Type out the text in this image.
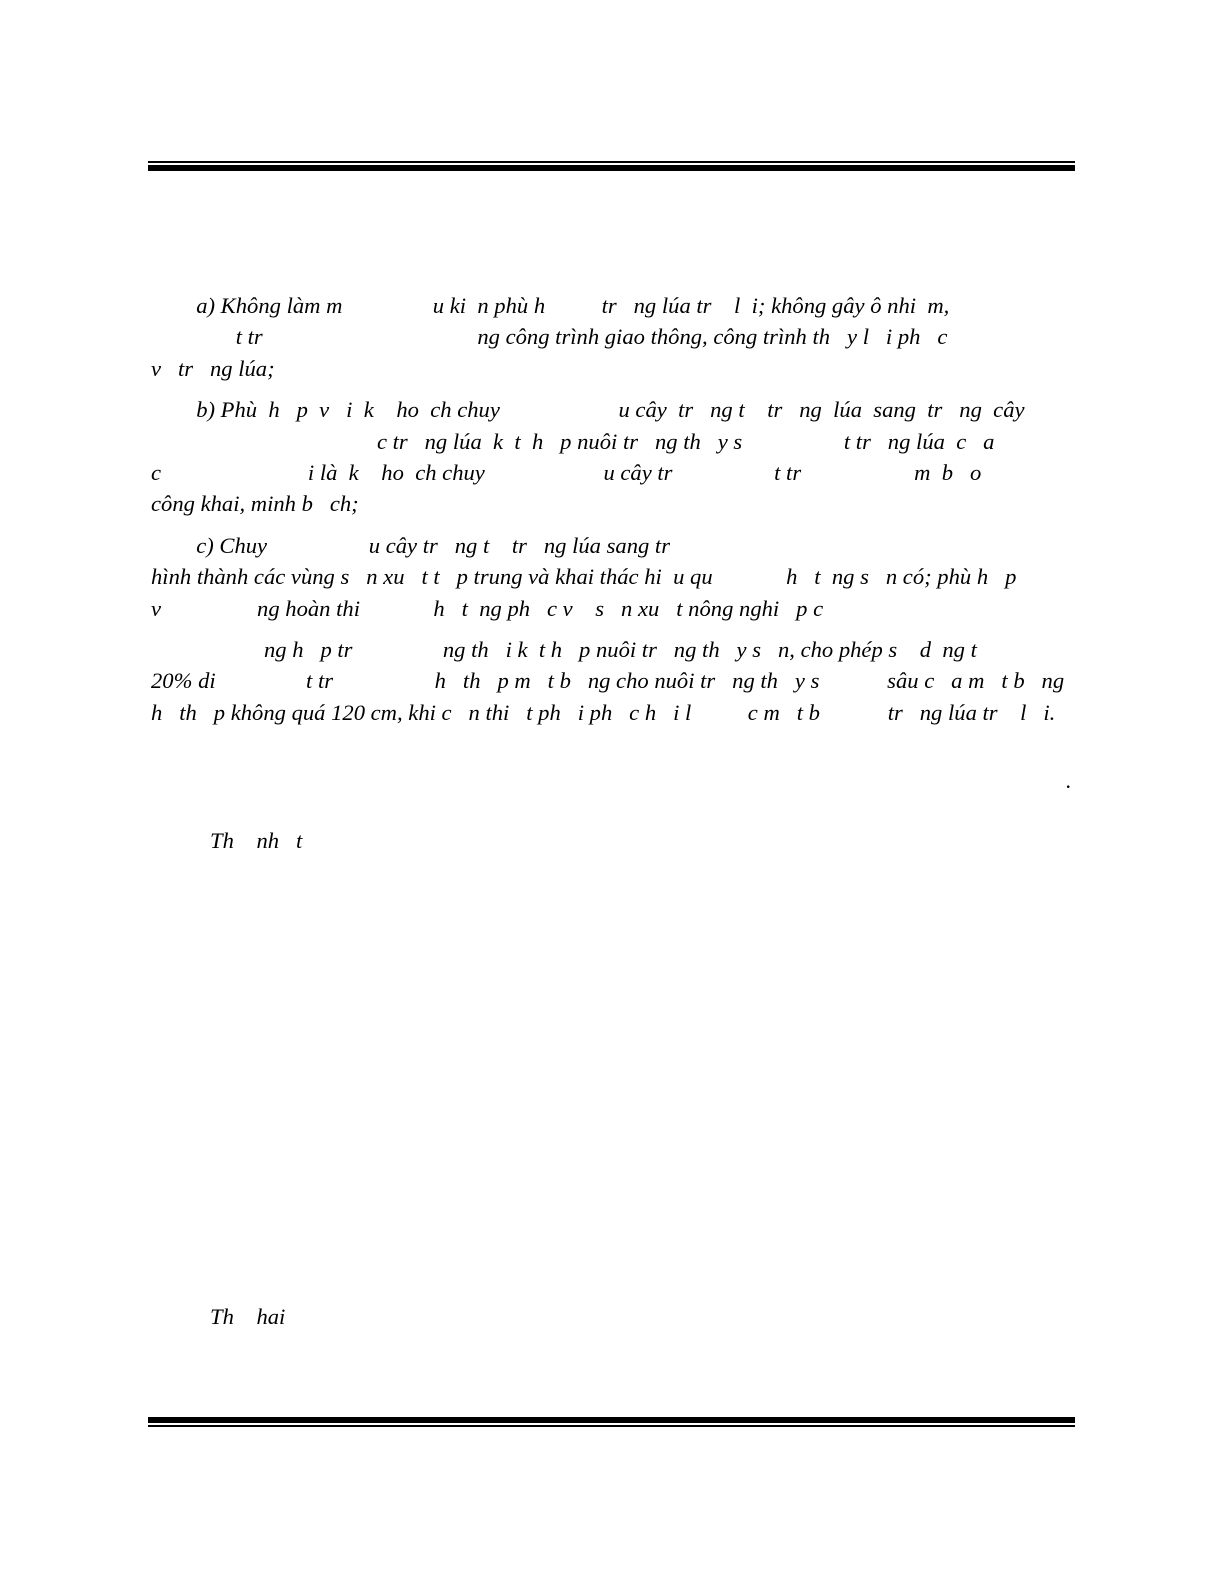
a) Không làm m                u ki  n phù h          tr   ng lúa tr    l  i; không gây ô nhi  m,
t tr                                      ng công trình giao thông, công trình th   y l   i ph   c
v   tr   ng lúa;

b) Phù  h   p  v   i  k    ho  ch chuy                     u cây  tr   ng t    tr   ng  lúa  sang  tr   ng  cây
c tr   ng lúa  k  t  h   p nuôi tr   ng th   y s                  t tr   ng lúa  c   a
c                          i là  k    ho  ch chuy                     u cây tr                  t tr                    m  b   o
công khai, minh b   ch;

c) Chuy                  u cây tr   ng t    tr   ng lúa sang tr
hình thành các vùng s   n xu   t t   p trung và khai thác hi  u qu             h   t  ng s   n có; phù h   p
v                 ng hoàn thi             h   t  ng ph   c v    s   n xu   t nông nghi   p c

ng h   p tr                ng th   i k  t h   p nuôi tr   ng th   y s   n, cho phép s    d  ng t
20% di                t tr                  h   th   p m   t b   ng cho nuôi tr   ng th   y s            sâu c   a m   t b   ng
h   th   p không quá 120 cm, khi c   n thi   t ph   i ph   c h   i l          c m   t b            tr   ng lúa tr    l   i.

.
Th    nh   t
Th    hai
